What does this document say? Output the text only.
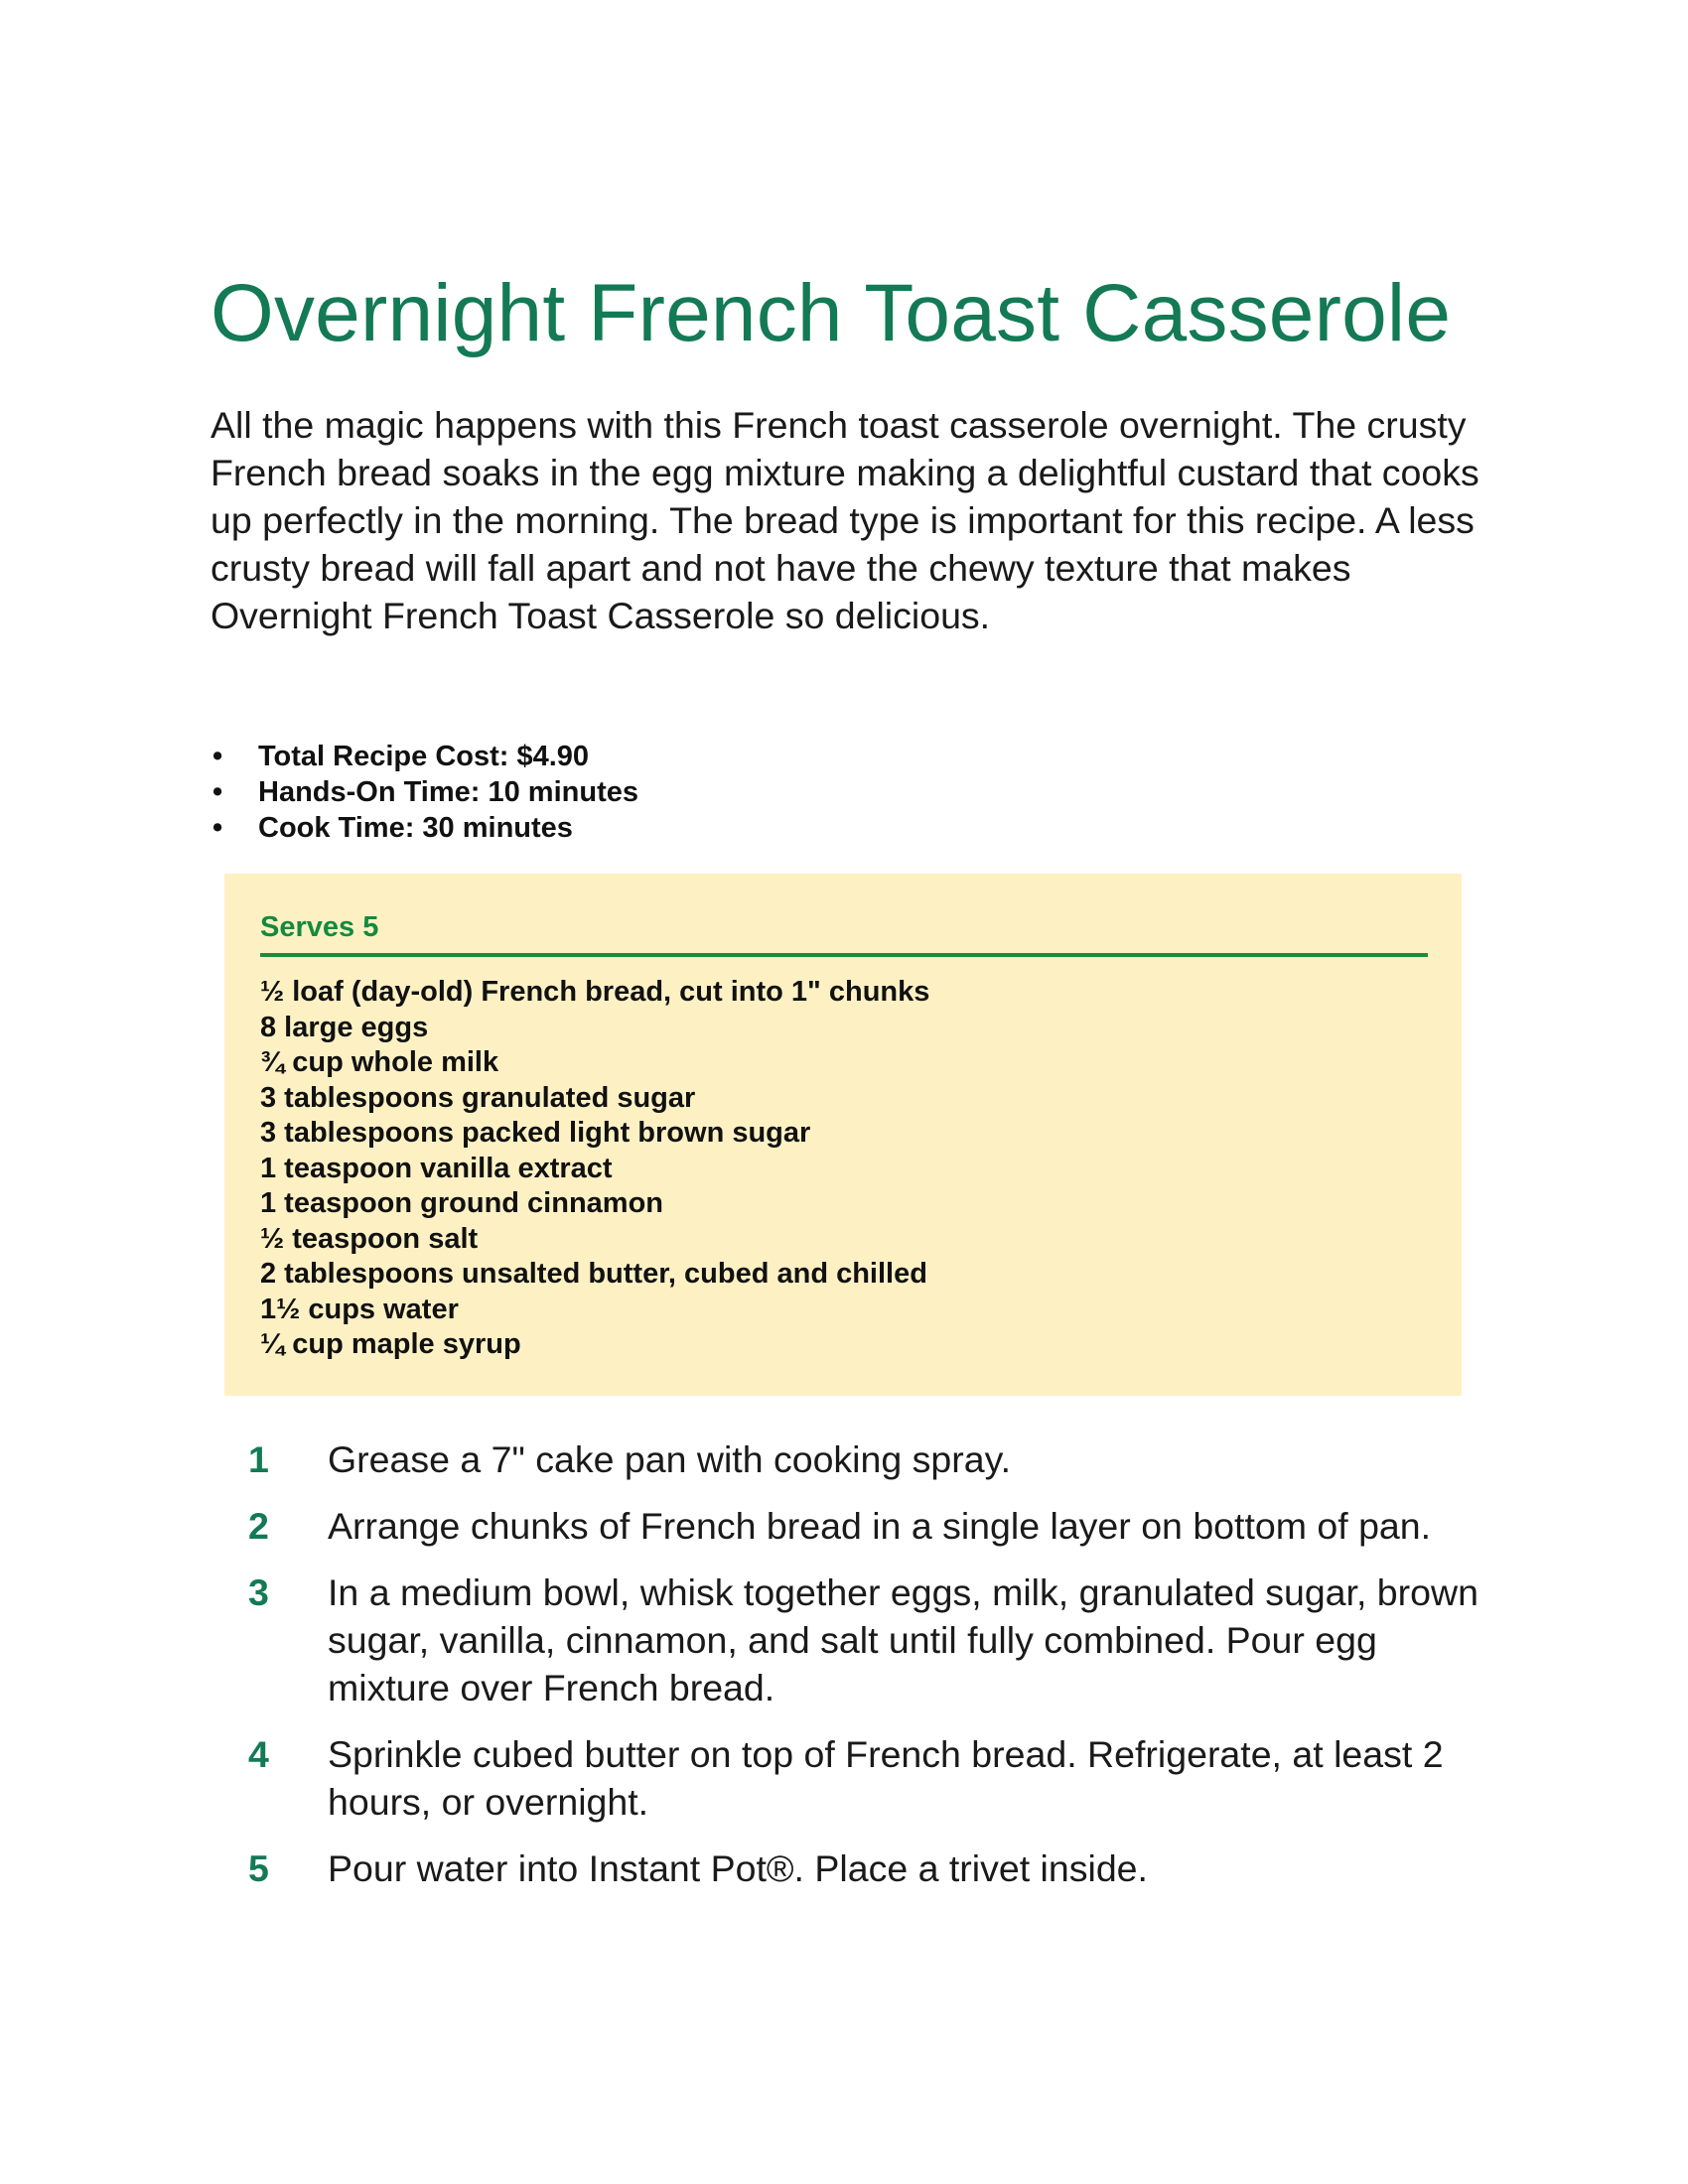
Overnight French Toast Casserole

All the magic happens with this French toast casserole overnight. The crusty French bread soaks in the egg mixture making a delightful custard that cooks up perfectly in the morning. The bread type is important for this recipe. A less crusty bread will fall apart and not have the chewy texture that makes Overnight French Toast Casserole so delicious.

• Total Recipe Cost: $4.90
• Hands-On Time: 10 minutes
• Cook Time: 30 minutes
Serves 5
½ loaf (day-old) French bread, cut into 1" chunks
8 large eggs
¾ cup whole milk
3 tablespoons granulated sugar
3 tablespoons packed light brown sugar
1 teaspoon vanilla extract
1 teaspoon ground cinnamon
½ teaspoon salt
2 tablespoons unsalted butter, cubed and chilled
1½ cups water
¼ cup maple syrup
1 Grease a 7" cake pan with cooking spray.
2 Arrange chunks of French bread in a single layer on bottom of pan.
3 In a medium bowl, whisk together eggs, milk, granulated sugar, brown sugar, vanilla, cinnamon, and salt until fully combined. Pour egg mixture over French bread.
4 Sprinkle cubed butter on top of French bread. Refrigerate, at least 2 hours, or overnight.
5 Pour water into Instant Pot®. Place a trivet inside.
